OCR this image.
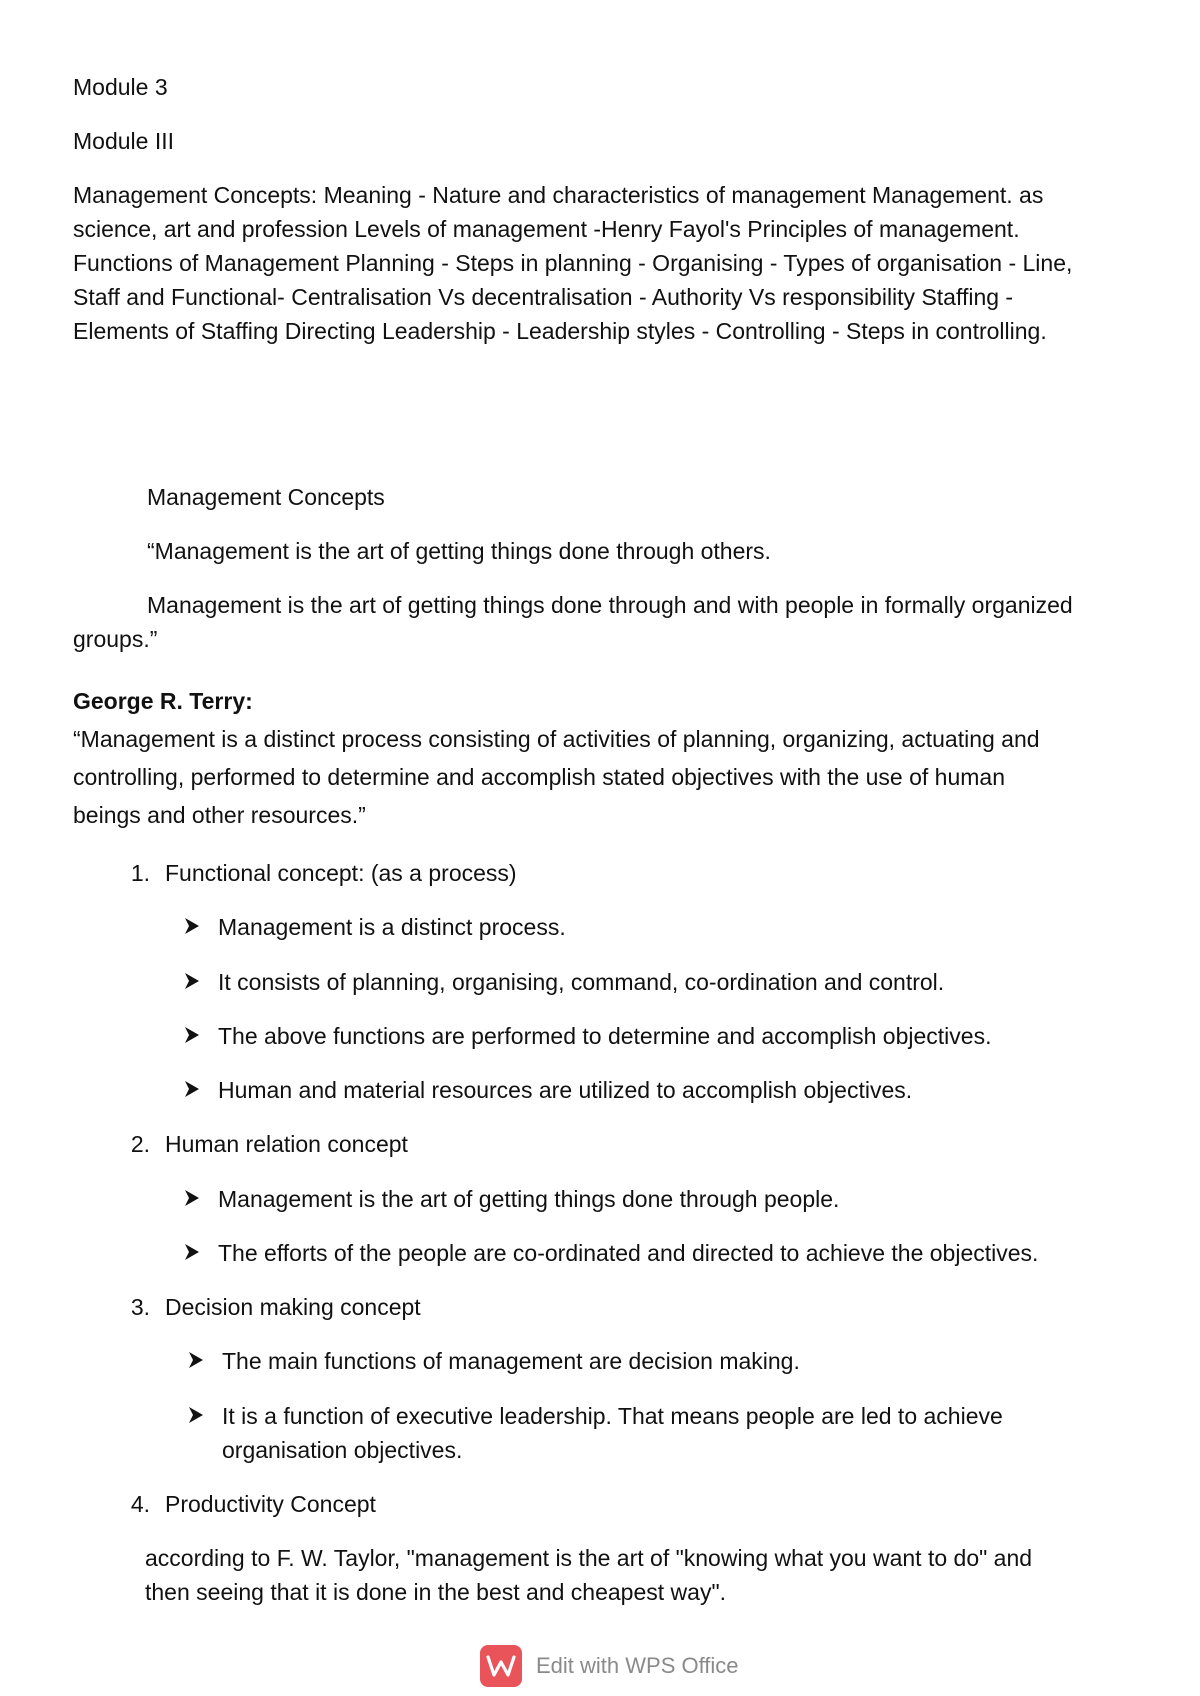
Module 3
Module III
Management Concepts: Meaning - Nature and characteristics of management Management. as
science, art and profession Levels of management -Henry Fayol's Principles of management.
Functions of Management Planning - Steps in planning - Organising - Types of organisation - Line,
Staff and Functional- Centralisation Vs decentralisation - Authority Vs responsibility Staffing -
Elements of Staffing Directing Leadership - Leadership styles - Controlling - Steps in controlling.
Management Concepts
“Management is the art of getting things done through others.
Management is the art of getting things done through and with people in formally organized
groups.”
George R. Terry:
“Management is a distinct process consisting of activities of planning, organizing, actuating and
controlling, performed to determine and accomplish stated objectives with the use of human
beings and other resources.”
1. Functional concept: (as a process)
Management is a distinct process.
It consists of planning, organising, command, co-ordination and control.
The above functions are performed to determine and accomplish objectives.
Human and material resources are utilized to accomplish objectives.
2. Human relation concept
Management is the art of getting things done through people.
The efforts of the people are co-ordinated and directed to achieve the objectives.
3. Decision making concept
The main functions of management are decision making.
It is a function of executive leadership. That means people are led to achieve
organisation objectives.
4. Productivity Concept
according to F. W. Taylor, "management is the art of "knowing what you want to do" and
then seeing that it is done in the best and cheapest way".
Edit with WPS Office
